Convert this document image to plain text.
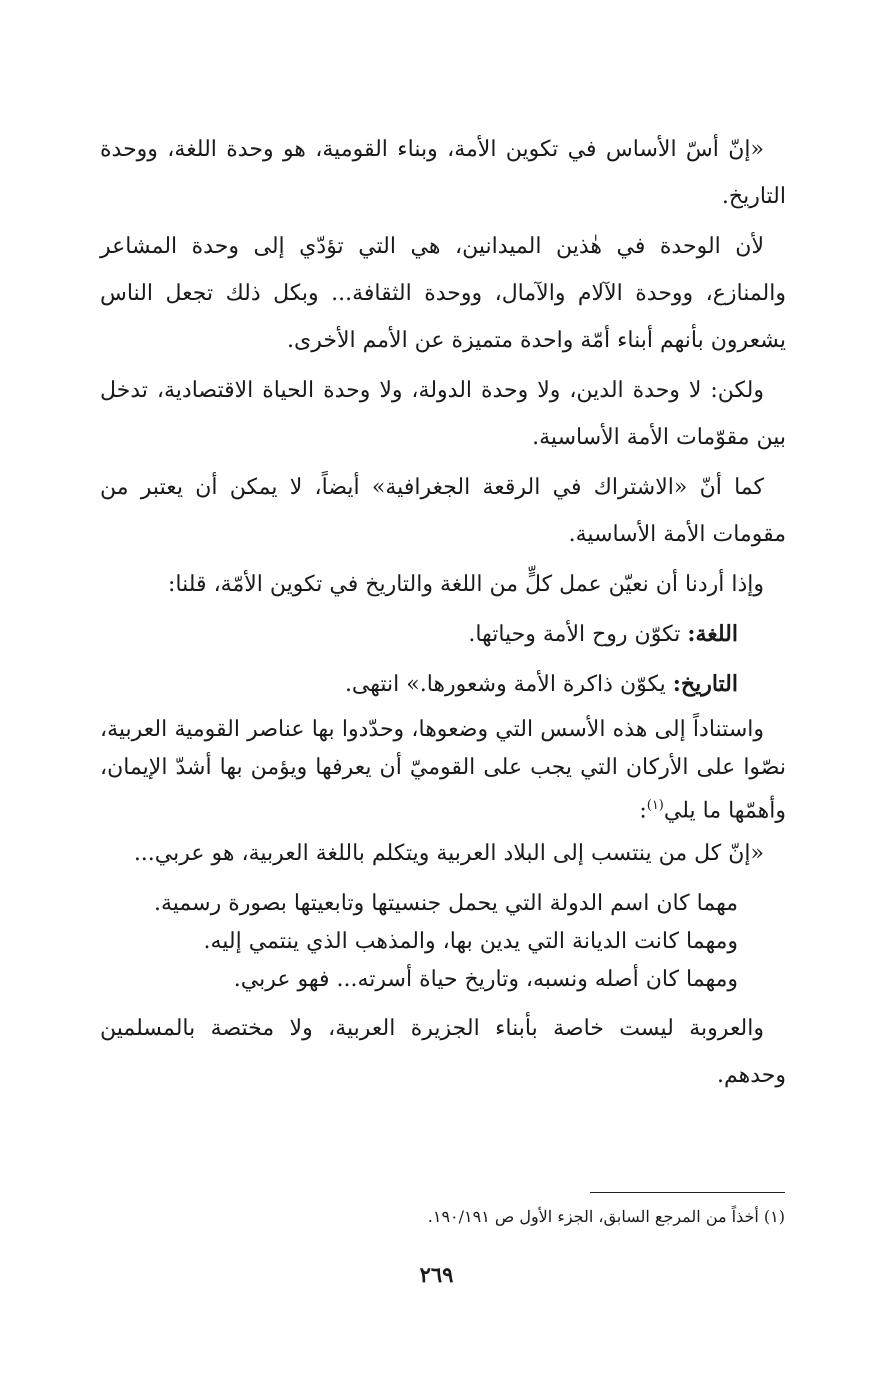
«إنّ أسّ الأساس في تكوين الأمة، وبناء القومية، هو وحدة اللغة، ووحدة التاريخ.

لأن الوحدة في هٰذين الميدانين، هي التي تؤدّي إلى وحدة المشاعر والمنازع، ووحدة الآلام والآمال، ووحدة الثقافة... وبكل ذلك تجعل الناس يشعرون بأنهم أبناء أمّة واحدة متميزة عن الأمم الأخرى.

ولكن: لا وحدة الدين، ولا وحدة الدولة، ولا وحدة الحياة الاقتصادية، تدخل بين مقوّمات الأمة الأساسية.

كما أنّ «الاشتراك في الرقعة الجغرافية» أيضاً، لا يمكن أن يعتبر من مقومات الأمة الأساسية.

وإذا أردنا أن نعيّن عمل كلٍّ من اللغة والتاريخ في تكوين الأمّة، قلنا:

اللغة: تكوّن روح الأمة وحياتها.

التاريخ: يكوّن ذاكرة الأمة وشعورها.» انتهى.

واستناداً إلى هذه الأسس التي وضعوها، وحدّدوا بها عناصر القومية العربية، نصّوا على الأركان التي يجب على القوميّ أن يعرفها ويؤمن بها أشدّ الإيمان، وأهمّها ما يلي$^{(١)}$:

«إنّ كل من ينتسب إلى البلاد العربية ويتكلم باللغة العربية، هو عربي...

مهما كان اسم الدولة التي يحمل جنسيتها وتابعيتها بصورة رسمية.
ومهما كانت الديانة التي يدين بها، والمذهب الذي ينتمي إليه.
ومهما كان أصله ونسبه، وتاريخ حياة أسرته... فهو عربي.

والعروبة ليست خاصة بأبناء الجزيرة العربية، ولا مختصة بالمسلمين وحدهم.

(١) أخذاً من المرجع السابق، الجزء الأول ص ١٩٠/١٩١.
٢٦٩
